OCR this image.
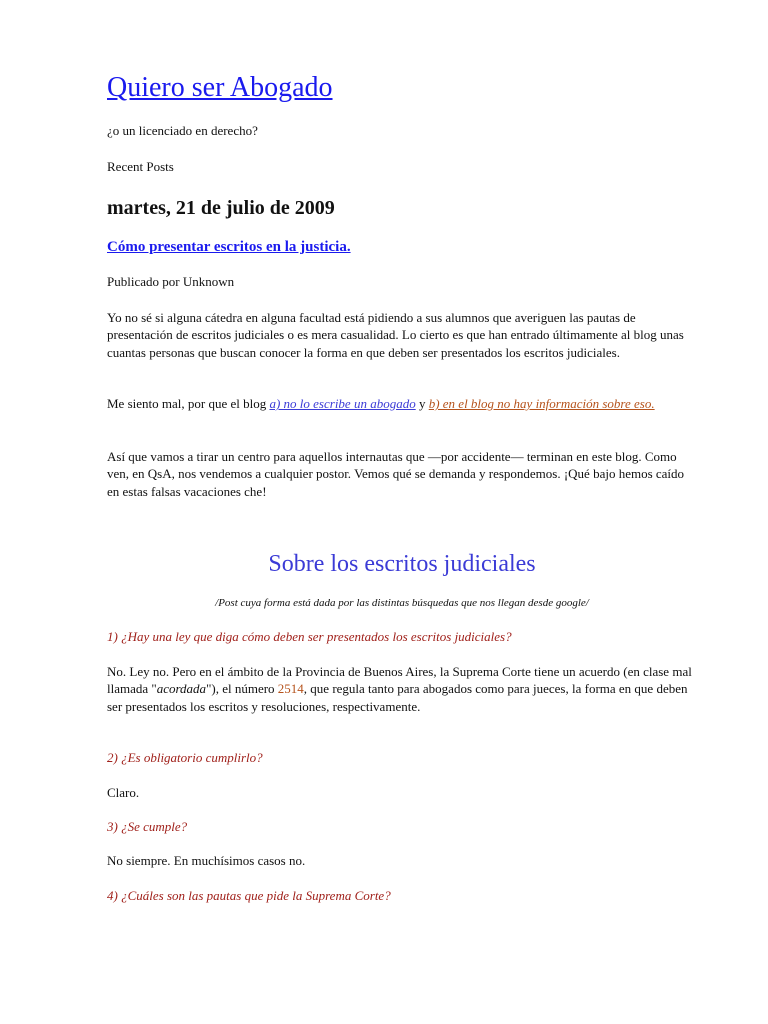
Quiero ser Abogado
¿o un licenciado en derecho?
Recent Posts
martes, 21 de julio de 2009
Cómo presentar escritos en la justicia.
Publicado por Unknown

Yo no sé si alguna cátedra en alguna facultad está pidiendo a sus alumnos que averiguen las pautas de presentación de escritos judiciales o es mera casualidad. Lo cierto es que han entrado últimamente al blog unas cuantas personas que buscan conocer la forma en que deben ser presentados los escritos judiciales.

Me siento mal, por que el blog a) no lo escribe un abogado y b) en el blog no hay información sobre eso.

Así que vamos a tirar un centro para aquellos internautas que —por accidente— terminan en este blog. Como ven, en QsA, nos vendemos a cualquier postor. Vemos qué se demanda y respondemos. ¡Qué bajo hemos caído en estas falsas vacaciones che!

Sobre los escritos judiciales
/Post cuya forma está dada por las distintas búsquedas que nos llegan desde google/
1) ¿Hay una ley que diga cómo deben ser presentados los escritos judiciales?

No. Ley no. Pero en el ámbito de la Provincia de Buenos Aires, la Suprema Corte tiene un acuerdo (en clase mal llamada "acordada"), el número 2514, que regula tanto para abogados como para jueces, la forma en que deben ser presentados los escritos y resoluciones, respectivamente.

2) ¿Es obligatorio cumplirlo?

Claro.

3) ¿Se cumple?

No siempre. En muchísimos casos no.

4) ¿Cuáles son las pautas que pide la Suprema Corte?
